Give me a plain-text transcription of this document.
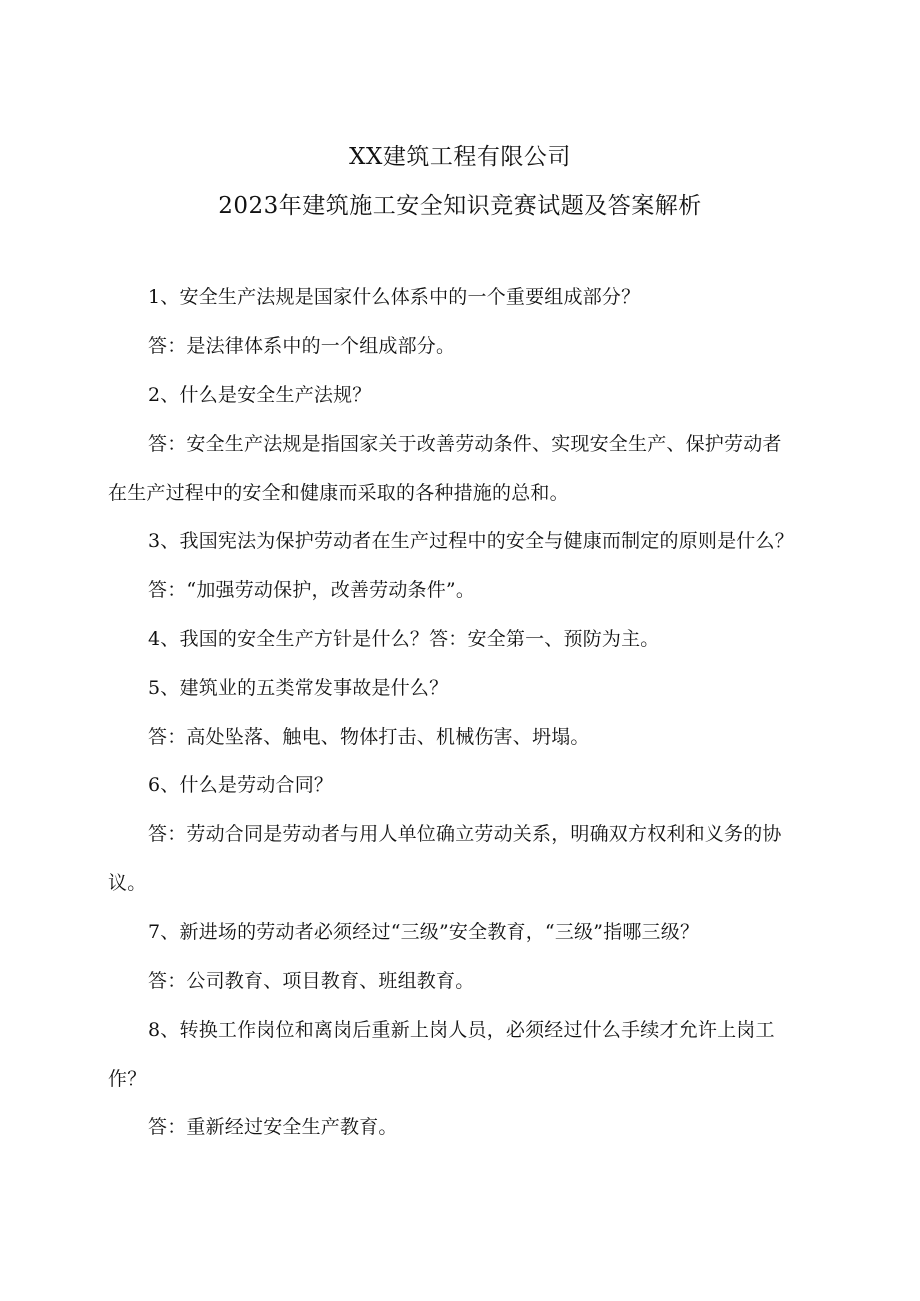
XX建筑工程有限公司
2023年建筑施工安全知识竞赛试题及答案解析
1、安全生产法规是国家什么体系中的一个重要组成部分？
答：是法律体系中的一个组成部分。
2、什么是安全生产法规？
答：安全生产法规是指国家关于改善劳动条件、实现安全生产、保护劳动者
在生产过程中的安全和健康而采取的各种措施的总和。
3、我国宪法为保护劳动者在生产过程中的安全与健康而制定的原则是什么？
答：“加强劳动保护，改善劳动条件”。
4、我国的安全生产方针是什么？答：安全第一、预防为主。
5、建筑业的五类常发事故是什么？
答：高处坠落、触电、物体打击、机械伤害、坍塌。
6、什么是劳动合同？
答：劳动合同是劳动者与用人单位确立劳动关系，明确双方权利和义务的协
议。
7、新进场的劳动者必须经过“三级”安全教育，“三级”指哪三级？
答：公司教育、项目教育、班组教育。
8、转换工作岗位和离岗后重新上岗人员，必须经过什么手续才允许上岗工
作？
答：重新经过安全生产教育。
